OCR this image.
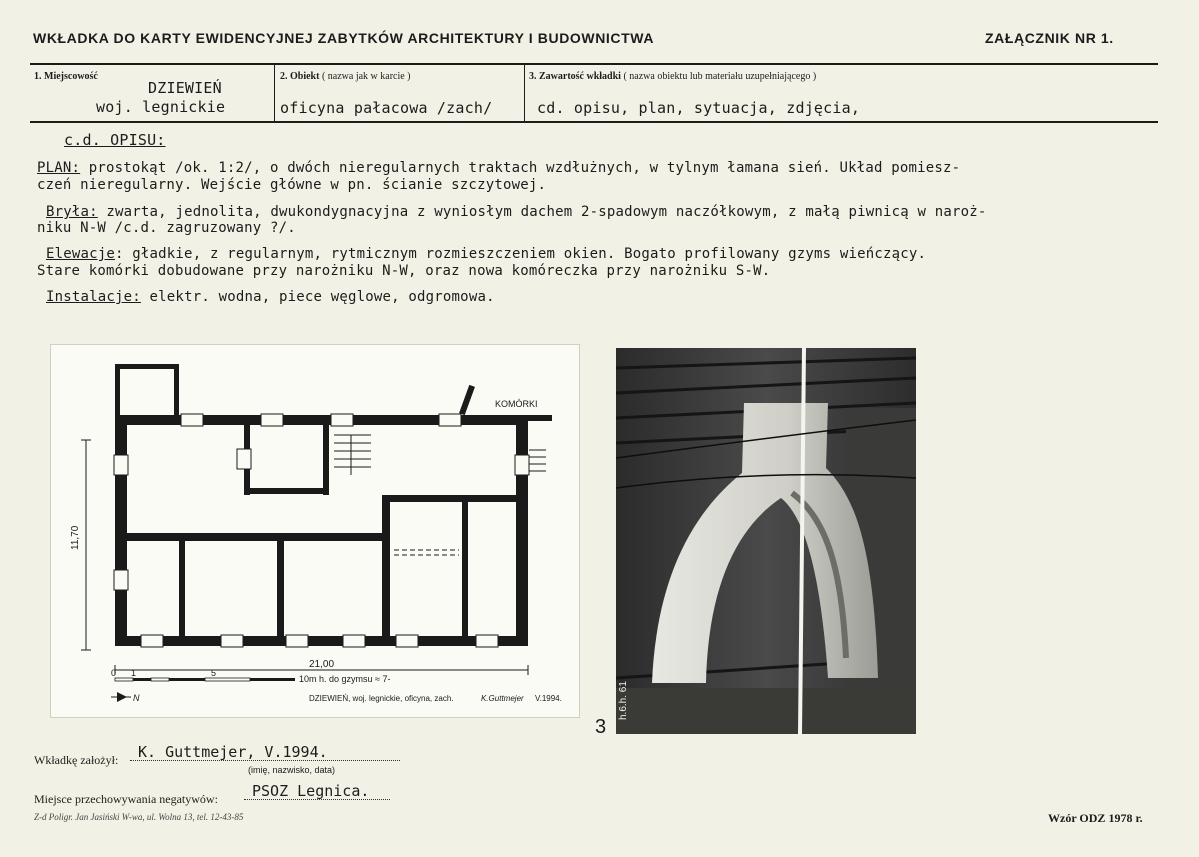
WKŁADKA DO KARTY EWIDENCYJNEJ ZABYTKÓW ARCHITEKTURY I BUDOWNICTWA	ZAŁĄCZNIK NR 1.
1. Miejscowość
DZIEWIEŃ
woj. legnickie
2. Obiekt ( nazwa jak w karcie )
oficyna pałacowa /zach/
3. Zawartość wkładki ( nazwa obiektu lub materiału uzupełniającego )
cd. opisu, plan, sytuacja, zdjęcia,
c.d. OPISU:
PLAN: prostokąt /ok. 1:2/, o dwóch nieregularnych traktach wzdłużnych, w tylnym łamana sień. Układ pomiesz-
czeń nieregularny. Wejście główne w pn. ścianie szczytowej.
Bryła: zwarta, jednolita, dwukondygnacyjna z wyniosłym dachem 2-spadowym naczółkowym, z małą piwnicą w naroż-
niku N-W /c.d. zagruzowany ?/.
Elewacje: gładkie, z regularnym, rytmicznym rozmieszczeniem okien. Bogato profilowany gzyms wieńczący.
Stare komórki dobudowane przy narożniku N-W, oraz nowa komóreczka przy narożniku S-W.
Instalacje: elektr. wodna, piece węglowe, odgromowa.
KOMÓRKI
11,70
21,00
0 1	5
10m h. do gzymsu ≈ 7-
N	DZIEWIEŃ, woj. legnickie, oficyna, zach.	K.Guttmejer V.1994.
3
h.6.h. 61
Wkładkę założył:	K. Guttmejer, V.1994.
(imię, nazwisko, data)
Miejsce przechowywania negatywów:	PSOZ Legnica.
Z-d Poligr. Jan Jasiński W-wa, ul. Wolna 13, tel. 12-43-85	Wzór ODZ 1978 r.
